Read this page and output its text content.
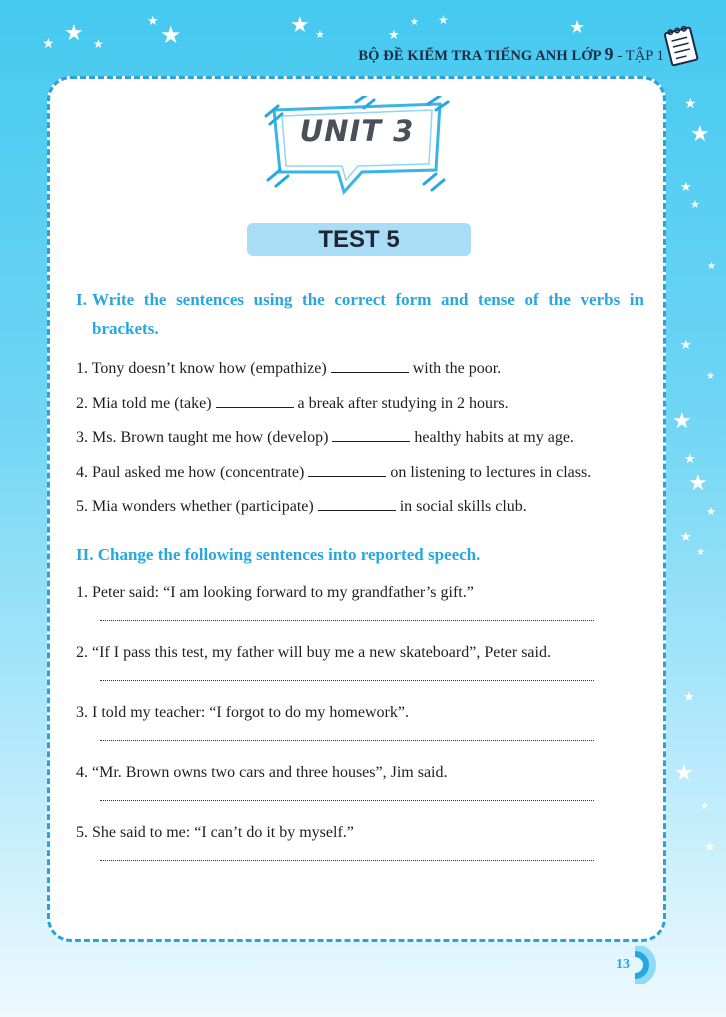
★ ★ ★
★
★	★ ★	★
★ ★	★
★
★
★
★
★
★
★
★
★
★
★
★
★
★
★
★
★
BỘ ĐỀ KIỂM TRA TIẾNG ANH LỚP 9 - TẬP 1
UNIT 3
TEST 5
I. Write the sentences using the correct form and tense of the verbs in brackets.

1. Tony doesn’t know how (empathize)	with the poor.

2. Mia told me (take)	a break after studying in 2 hours.

3. Ms. Brown taught me how (develop)	healthy habits at my age.

4. Paul asked me how (concentrate)	on listening to lectures in class.

5. Mia wonders whether (participate)	in social skills club.

II. Change the following sentences into reported speech.

1. Peter said: “I am looking forward to my grandfather’s gift.”

2. “If I pass this test, my father will buy me a new skateboard”, Peter said.

3. I told my teacher: “I forgot to do my homework”.

4. “Mr. Brown owns two cars and three houses”, Jim said.

5. She said to me: “I can’t do it by myself.”

13
